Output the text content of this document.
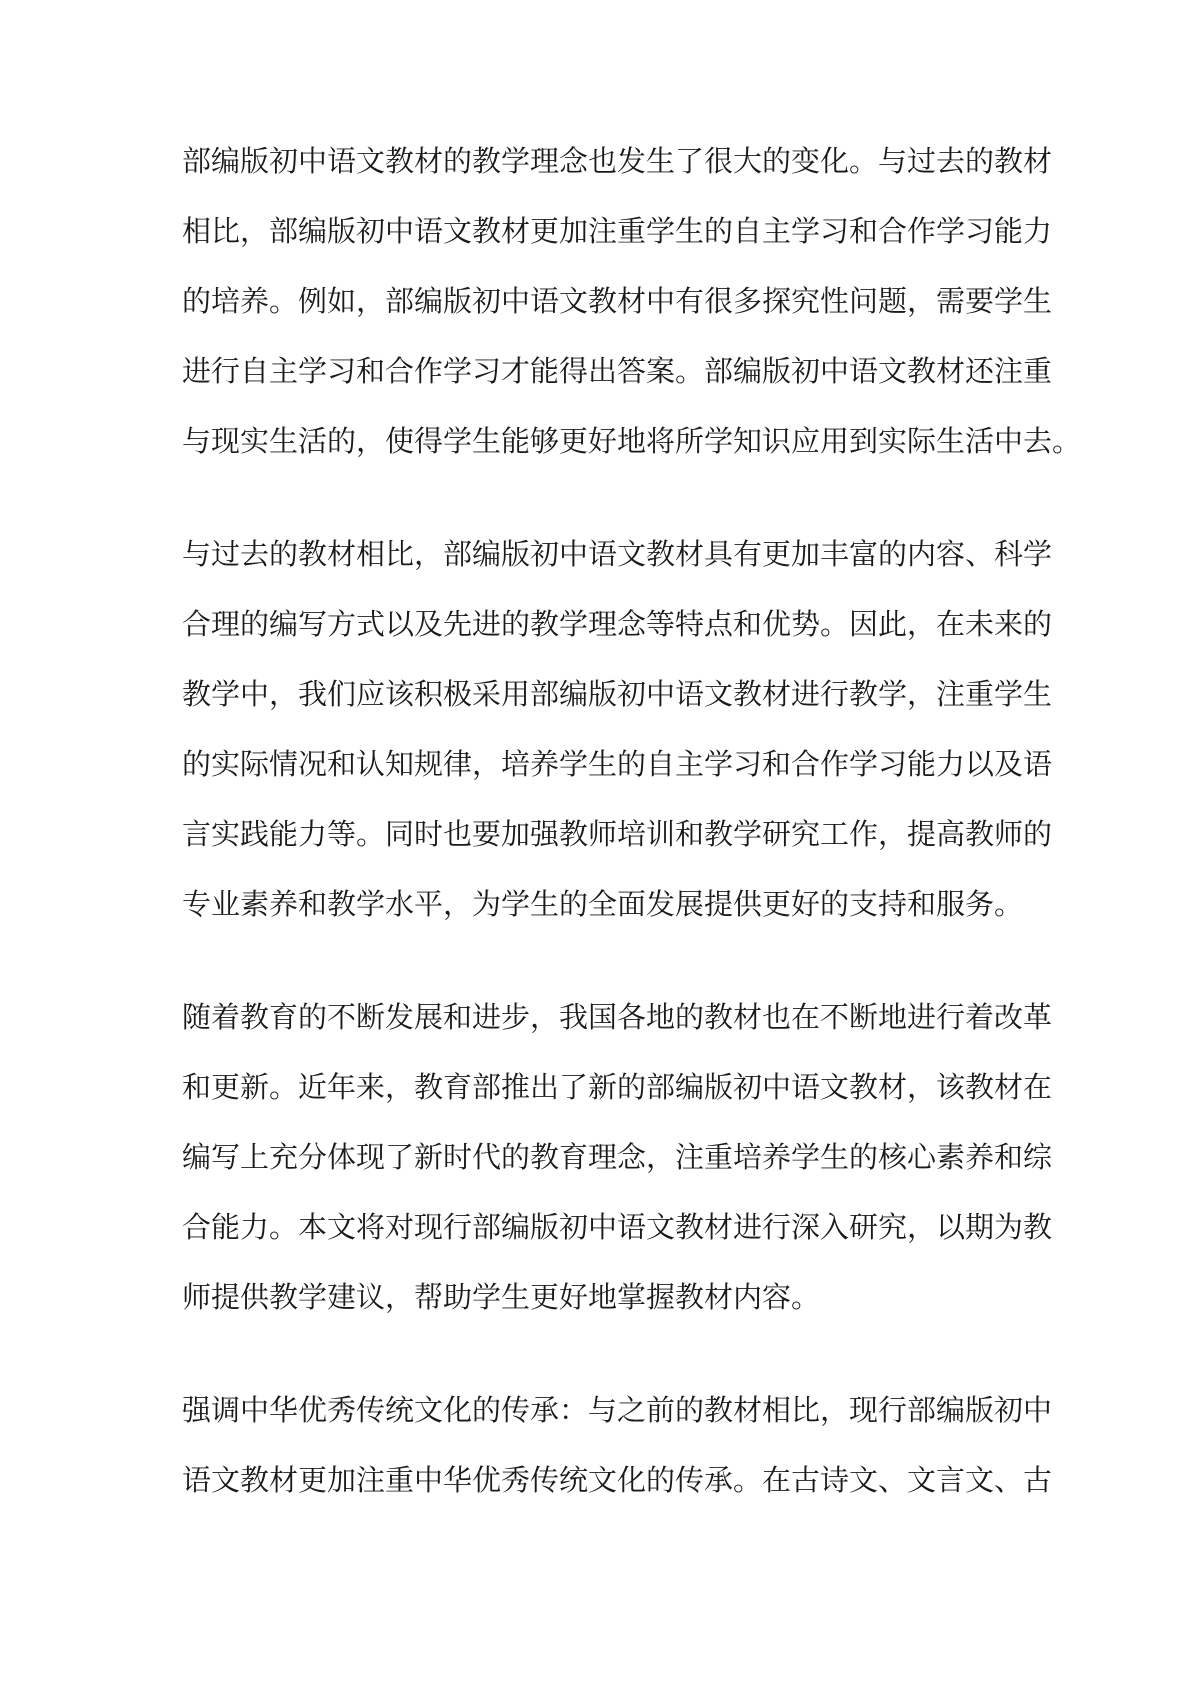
部编版初中语文教材的教学理念也发生了很大的变化。与过去的教材
相比，部编版初中语文教材更加注重学生的自主学习和合作学习能力
的培养。例如，部编版初中语文教材中有很多探究性问题，需要学生
进行自主学习和合作学习才能得出答案。部编版初中语文教材还注重
与现实生活的，使得学生能够更好地将所学知识应用到实际生活中去。
与过去的教材相比，部编版初中语文教材具有更加丰富的内容、科学
合理的编写方式以及先进的教学理念等特点和优势。因此，在未来的
教学中，我们应该积极采用部编版初中语文教材进行教学，注重学生
的实际情况和认知规律，培养学生的自主学习和合作学习能力以及语
言实践能力等。同时也要加强教师培训和教学研究工作，提高教师的
专业素养和教学水平，为学生的全面发展提供更好的支持和服务。
随着教育的不断发展和进步，我国各地的教材也在不断地进行着改革
和更新。近年来，教育部推出了新的部编版初中语文教材，该教材在
编写上充分体现了新时代的教育理念，注重培养学生的核心素养和综
合能力。本文将对现行部编版初中语文教材进行深入研究，以期为教
师提供教学建议，帮助学生更好地掌握教材内容。
强调中华优秀传统文化的传承：与之前的教材相比，现行部编版初中
语文教材更加注重中华优秀传统文化的传承。在古诗文、文言文、古
